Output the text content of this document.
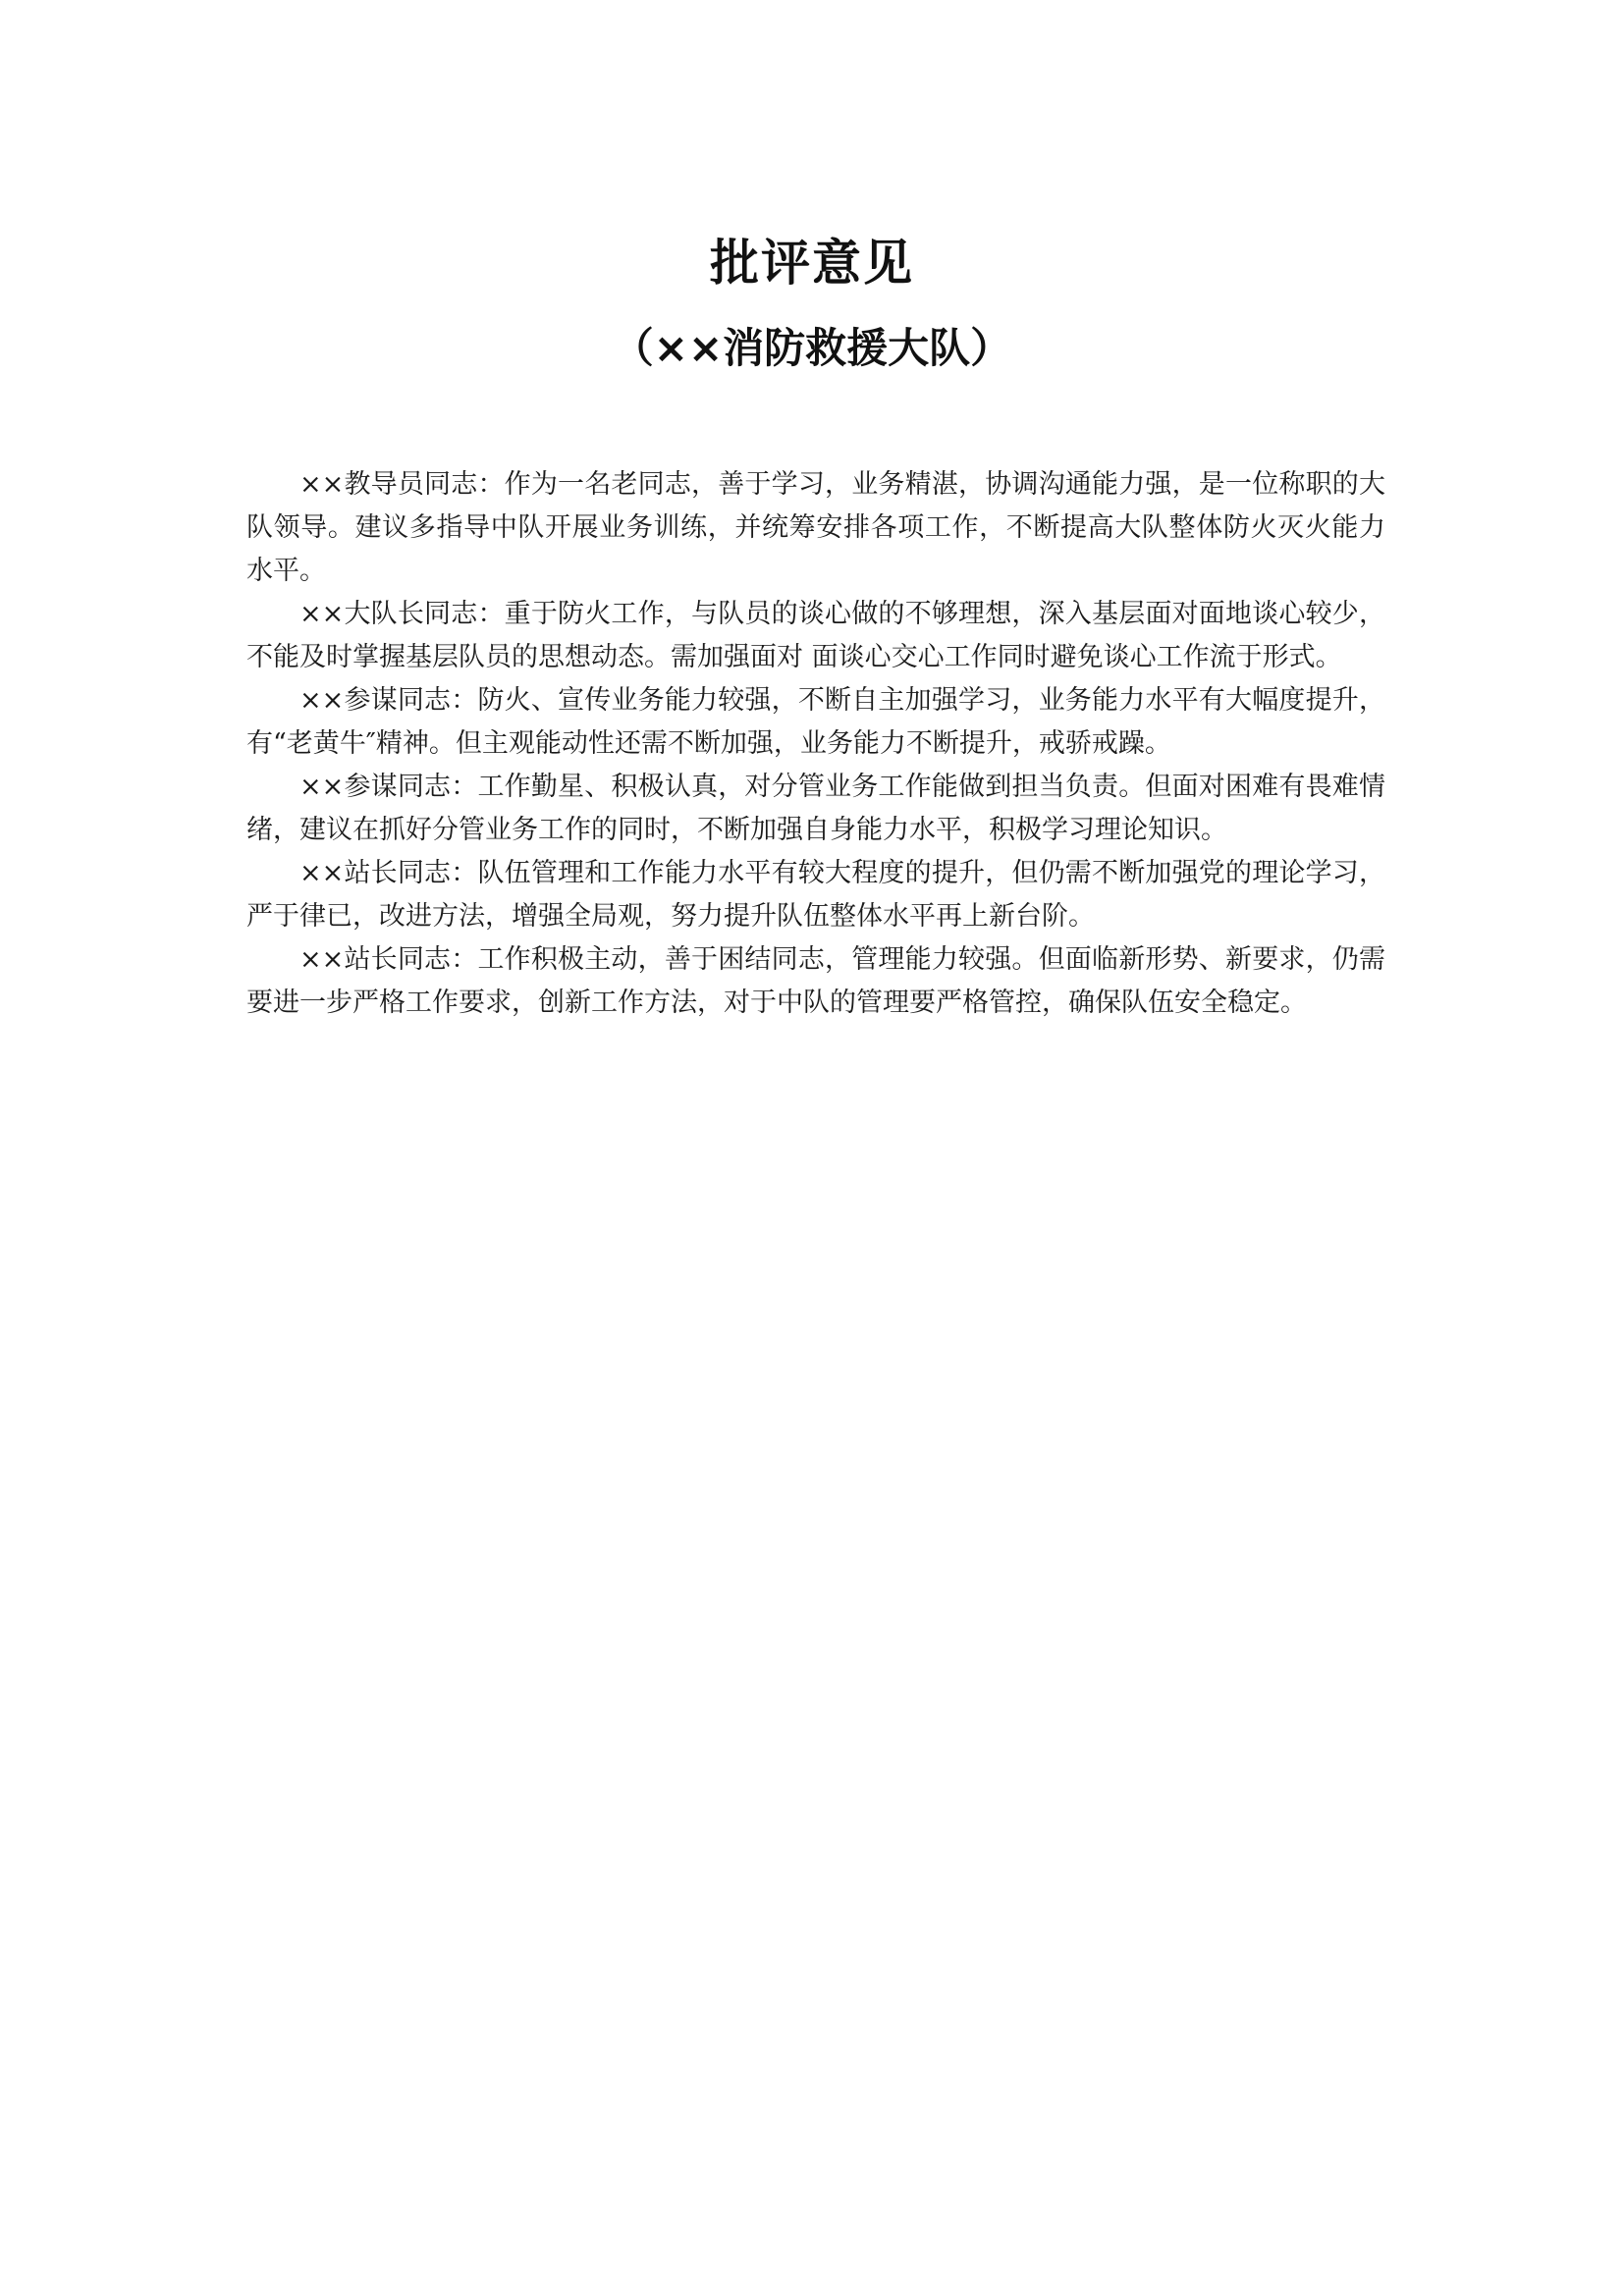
批评意见
（××消防救援大队）

××教导员同志：作为一名老同志，善于学习，业务精湛，协调沟通能力强，是一位称职的大队领导。建议多指导中队开展业务训练，并统筹安排各项工作，不断提高大队整体防火灭火能力水平。

××大队长同志：重于防火工作，与队员的谈心做的不够理想，深入基层面对面地谈心较少，不能及时掌握基层队员的思想动态。需加强面对 面谈心交心工作同时避免谈心工作流于形式。

××参谋同志：防火、宣传业务能力较强，不断自主加强学习，业务能力水平有大幅度提升，有“老黄牛″精神。但主观能动性还需不断加强，业务能力不断提升，戒骄戒躁。

××参谋同志：工作勤星、积极认真，对分管业务工作能做到担当负责。但面对困难有畏难情绪，建议在抓好分管业务工作的同时，不断加强自身能力水平，积极学习理论知识。

××站长同志：队伍管理和工作能力水平有较大程度的提升，但仍需不断加强党的理论学习，严于律已，改进方法，增强全局观，努力提升队伍整体水平再上新台阶。

××站长同志：工作积极主动，善于困结同志，管理能力较强。但面临新形势、新要求，仍需要进一步严格工作要求，创新工作方法，对于中队的管理要严格管控，确保队伍安全稳定。
